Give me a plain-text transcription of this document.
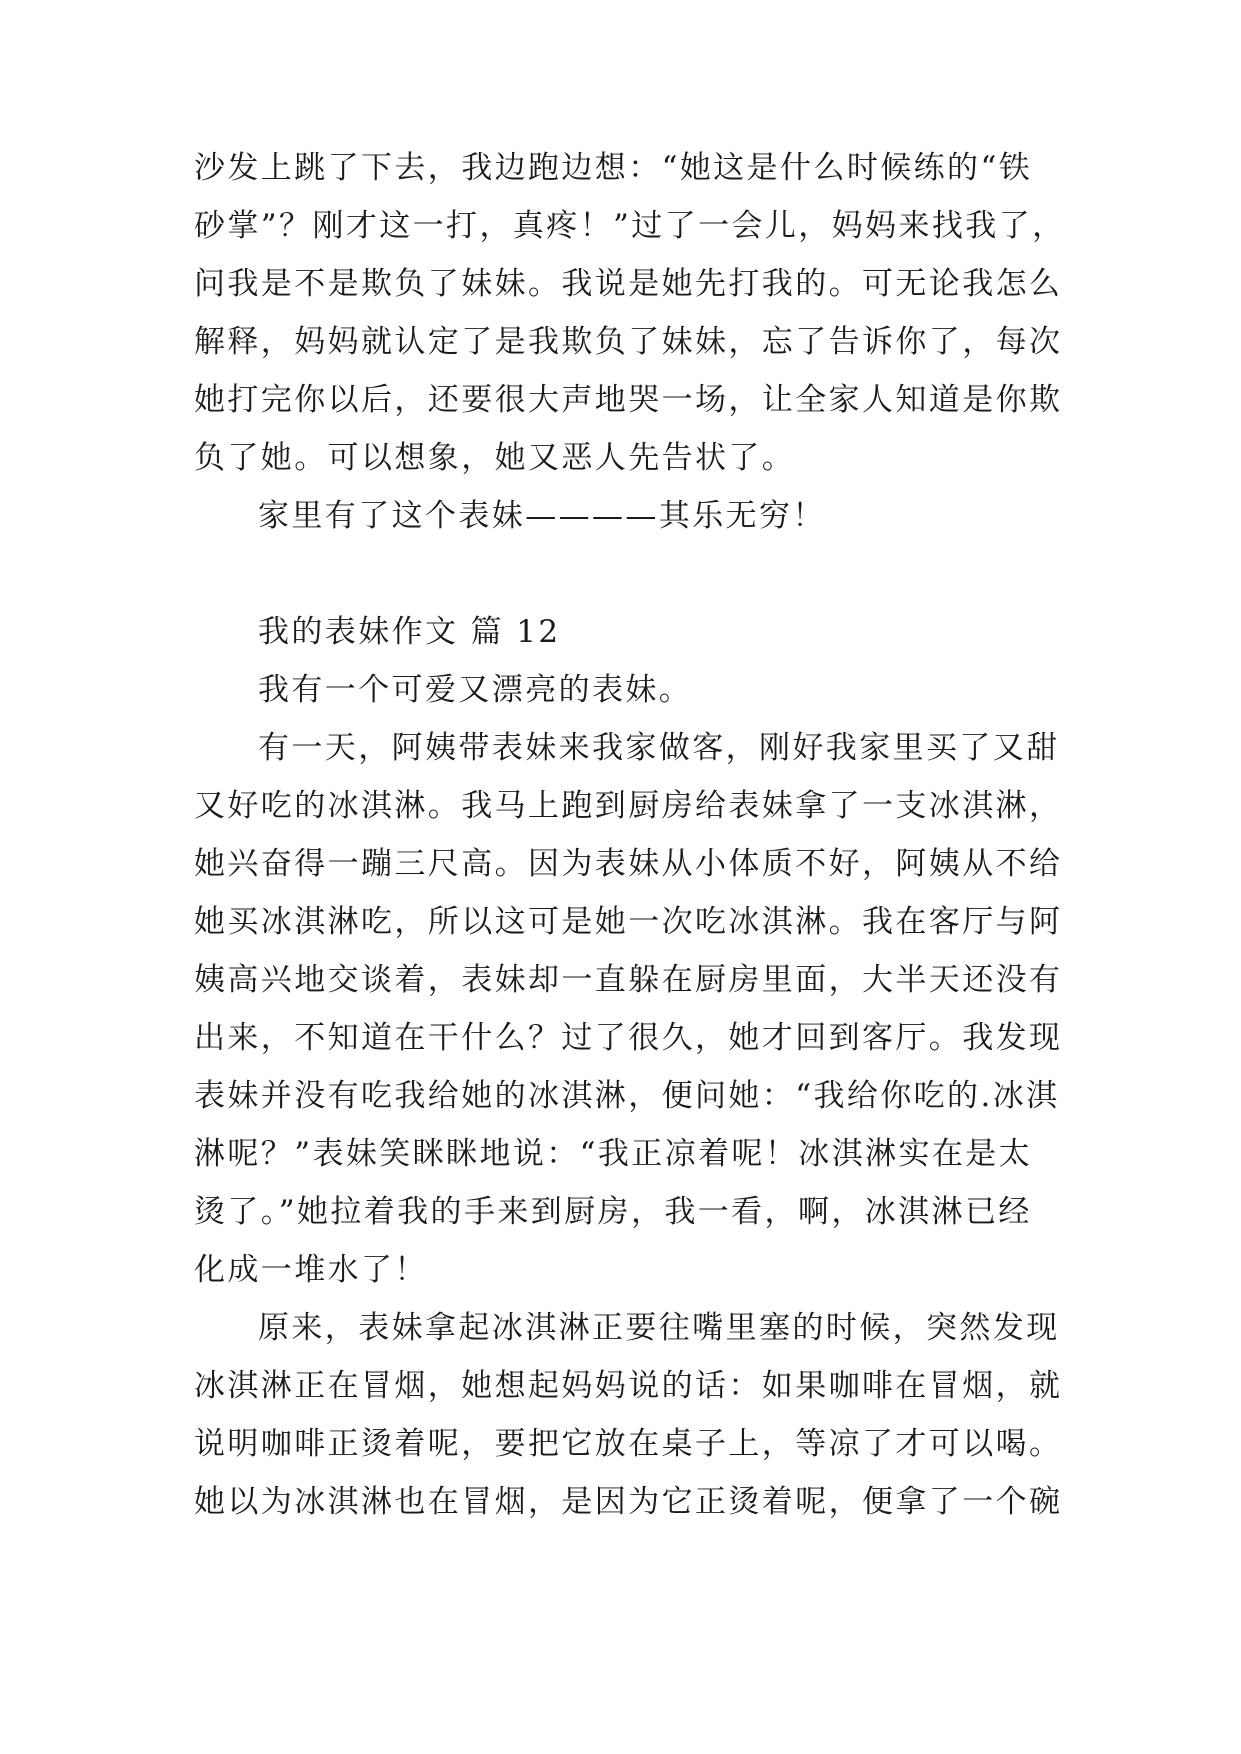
沙发上跳了下去，我边跑边想：“她这是什么时候练的“铁
砂掌”？刚才这一打，真疼！”过了一会儿，妈妈来找我了，
问我是不是欺负了妹妹。我说是她先打我的。可无论我怎么
解释，妈妈就认定了是我欺负了妹妹，忘了告诉你了，每次
她打完你以后，还要很大声地哭一场，让全家人知道是你欺
负了她。可以想象，她又恶人先告状了。
家里有了这个表妹————其乐无穷！
我的表妹作文 篇 12
我有一个可爱又漂亮的表妹。
有一天，阿姨带表妹来我家做客，刚好我家里买了又甜
又好吃的冰淇淋。我马上跑到厨房给表妹拿了一支冰淇淋，
她兴奋得一蹦三尺高。因为表妹从小体质不好，阿姨从不给
她买冰淇淋吃，所以这可是她一次吃冰淇淋。我在客厅与阿
姨高兴地交谈着，表妹却一直躲在厨房里面，大半天还没有
出来，不知道在干什么？过了很久，她才回到客厅。我发现
表妹并没有吃我给她的冰淇淋，便问她：“我给你吃的.冰淇
淋呢？”表妹笑眯眯地说：“我正凉着呢！冰淇淋实在是太
烫了。”她拉着我的手来到厨房，我一看，啊，冰淇淋已经
化成一堆水了！
原来，表妹拿起冰淇淋正要往嘴里塞的时候，突然发现
冰淇淋正在冒烟，她想起妈妈说的话：如果咖啡在冒烟，就
说明咖啡正烫着呢，要把它放在桌子上，等凉了才可以喝。
她以为冰淇淋也在冒烟，是因为它正烫着呢，便拿了一个碗
